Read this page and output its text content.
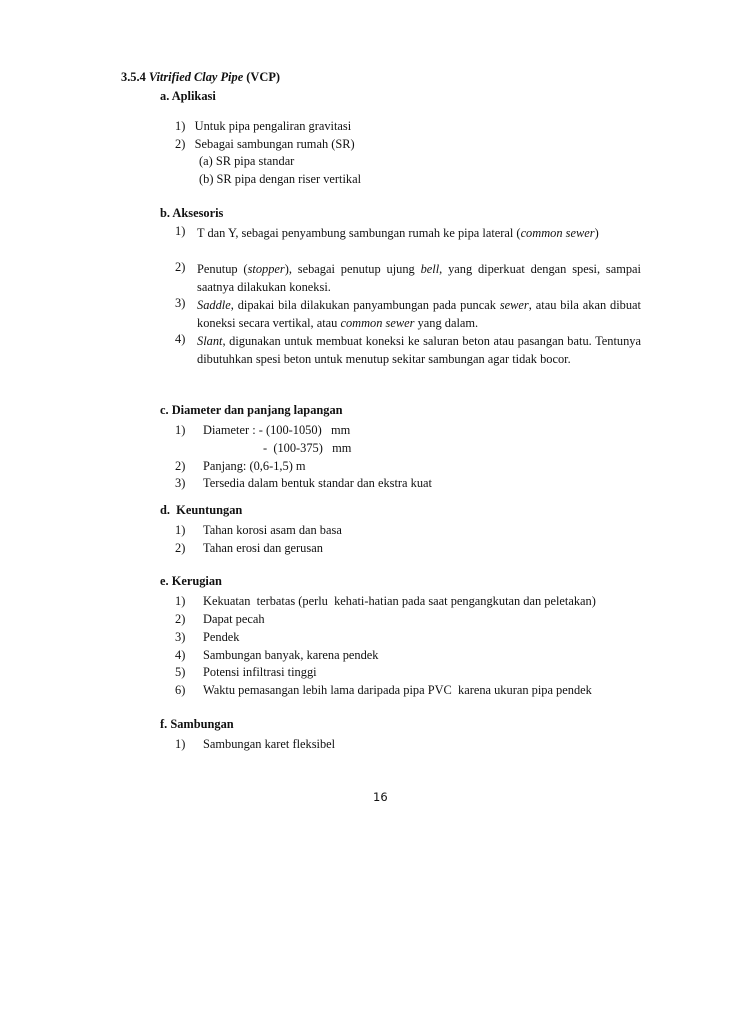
3.5.4 Vitrified Clay Pipe (VCP)
a. Aplikasi
1) Untuk pipa pengaliran gravitasi
2) Sebagai sambungan rumah (SR)
(a) SR pipa standar
(b) SR pipa dengan riser vertikal
b. Aksesoris
1) T dan Y, sebagai penyambung sambungan rumah ke pipa lateral (common sewer)
2) Penutup (stopper), sebagai penutup ujung bell, yang diperkuat dengan spesi, sampai saatnya dilakukan koneksi.
3) Saddle, dipakai bila dilakukan panyambungan pada puncak sewer, atau bila akan dibuat koneksi secara vertikal, atau common sewer yang dalam.
4) Slant, digunakan untuk membuat koneksi ke saluran beton atau pasangan batu. Tentunya dibutuhkan spesi beton untuk menutup sekitar sambungan agar tidak bocor.
c. Diameter dan panjang lapangan
1) Diameter : - (100-1050)   mm
-  (100-375)   mm
2) Panjang: (0,6-1,5) m
3) Tersedia dalam bentuk standar dan ekstra kuat
d.  Keuntungan
1) Tahan korosi asam dan basa
2) Tahan erosi dan gerusan
e. Kerugian
1) Kekuatan  terbatas (perlu  kehati-hatian pada saat pengangkutan dan peletakan)
2) Dapat pecah
3) Pendek
4) Sambungan banyak, karena pendek
5) Potensi infiltrasi tinggi
6) Waktu pemasangan lebih lama daripada pipa PVC  karena ukuran pipa pendek
f. Sambungan
1) Sambungan karet fleksibel
16
